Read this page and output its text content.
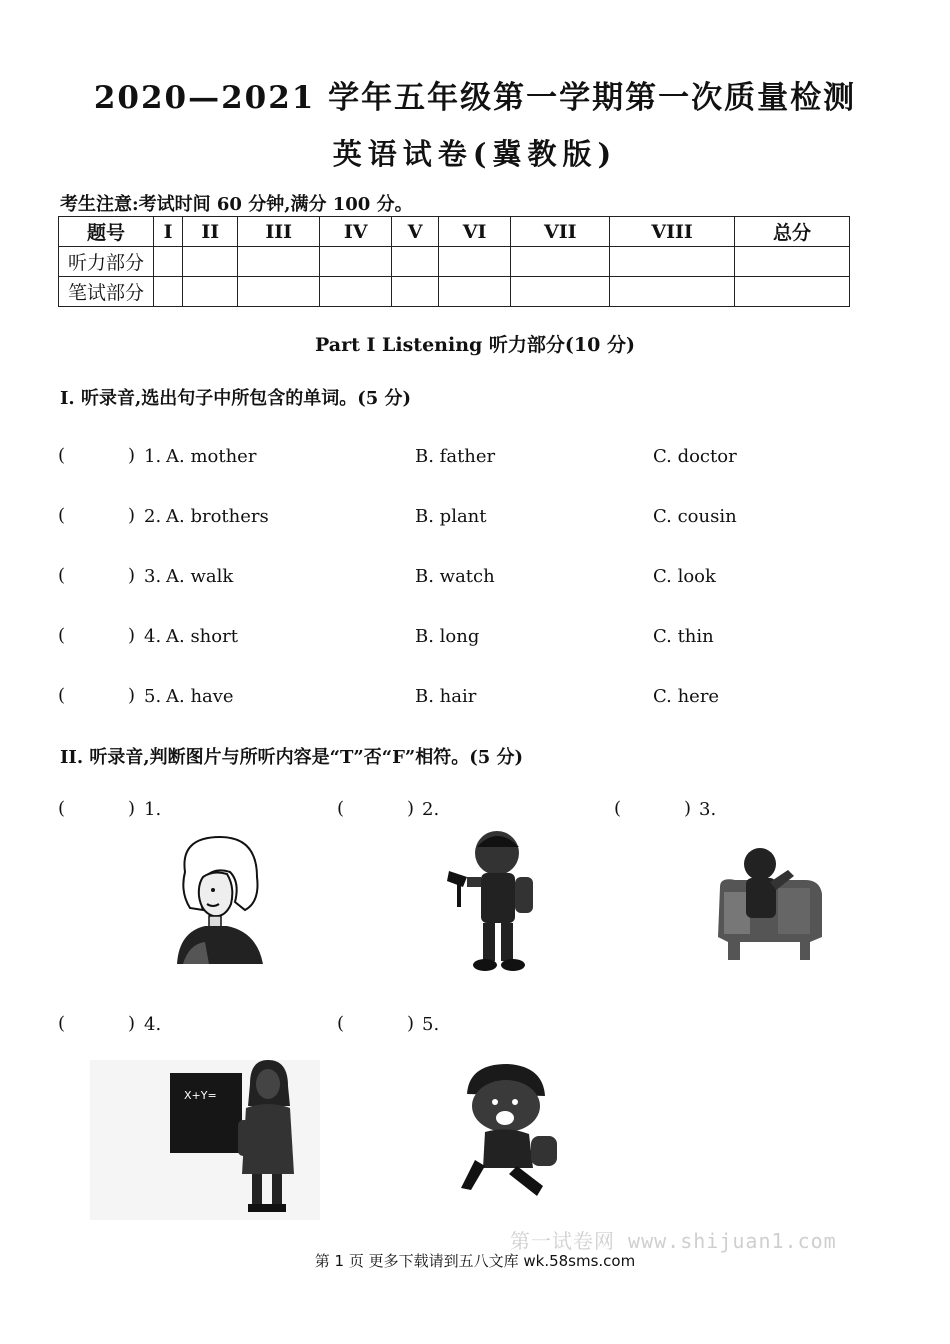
2020—2021 学年五年级第一学期第一次质量检测
英语试卷(冀教版)
考生注意:考试时间 60 分钟,满分 100 分。
题号	I	II	III	IV	V	VI	VII	VIII	总分
听力部分									
笔试部分									
Part I Listening 听力部分(10 分)
I. 听录音,选出句子中所包含的单词。(5 分)
(	) 1. A. mother	B. father	C. doctor
(	) 2. A. brothers	B. plant	C. cousin
(	) 3. A. walk	B. watch	C. look
(	) 4. A. short	B. long	C. thin
(	) 5. A. have	B. hair	C. here
II. 听录音,判断图片与所听内容是“T”否“F”相符。(5 分)
(	) 1.	(	) 2.	(	) 3.
(	) 4.
X+Y=
(	) 5.
第一试卷网 www.shijuan1.com
第 1 页 更多下载请到五八文库 wk.58sms.com
